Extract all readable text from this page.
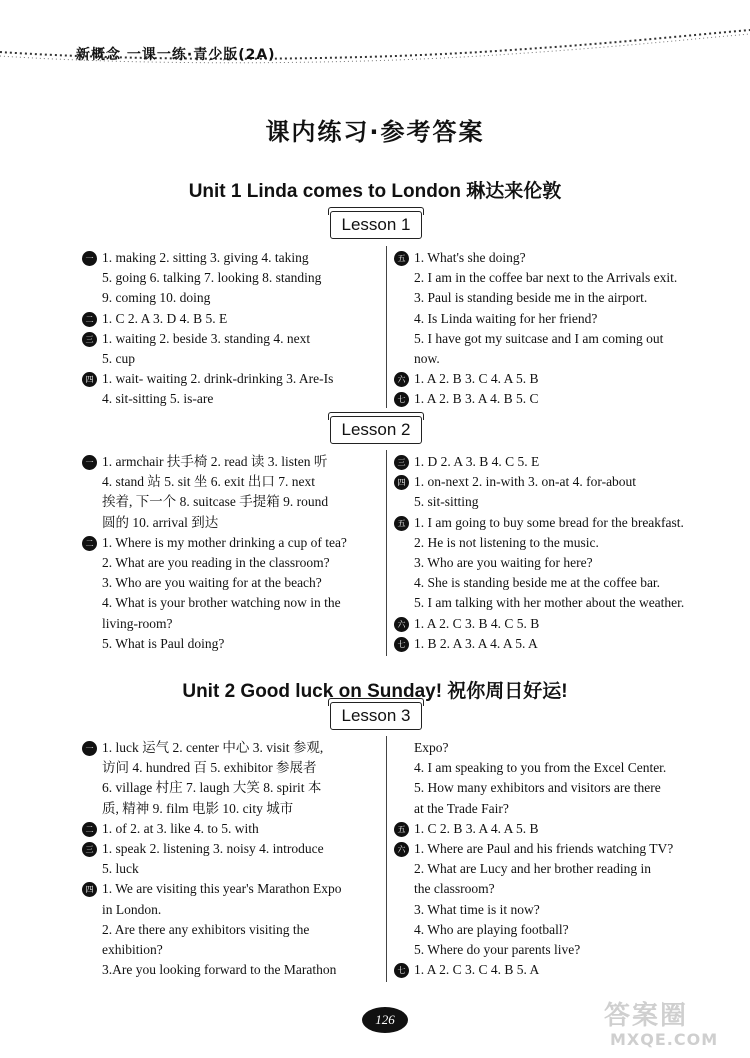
新概念 一课一练·青少版(2A)
课内练习·参考答案
Unit 1 Linda comes to London 琳达来伦敦
Lesson 1
一 1. making 2. sitting 3. giving 4. taking

5. going 6. talking 7. looking 8. standing

9. coming 10. doing

二 1. C 2. A 3. D 4. B 5. E

三 1. waiting 2. beside 3. standing 4. next

5. cup

四 1. wait- waiting 2. drink-drinking 3. Are-Is

4. sit-sitting 5. is-are

五 1. What's she doing?

2. I am in the coffee bar next to the Arrivals exit.

3. Paul is standing beside me in the airport.

4. Is Linda waiting for her friend?

5. I have got my suitcase and I am coming out

now.

六 1. A 2. B 3. C 4. A 5. B

七 1. A 2. B 3. A 4. B 5. C

Lesson 2
一 1. armchair 扶手椅 2. read 读 3. listen 听

4. stand 站 5. sit 坐 6. exit 出口 7. next

挨着, 下一个 8. suitcase 手提箱 9. round

圆的 10. arrival 到达

二 1. Where is my mother drinking a cup of tea?

2. What are you reading in the classroom?

3. Who are you waiting for at the beach?

4. What is your brother watching now in the

living-room?

5. What is Paul doing?

三 1. D 2. A 3. B 4. C 5. E

四 1. on-next 2. in-with 3. on-at 4. for-about

5. sit-sitting

五 1. I am going to buy some bread for the breakfast.

2. He is not listening to the music.

3. Who are you waiting for here?

4. She is standing beside me at the coffee bar.

5. I am talking with her mother about the weather.

六 1. A 2. C 3. B 4. C 5. B

七 1. B 2. A 3. A 4. A 5. A

Unit 2 Good luck on Sunday! 祝你周日好运!
Lesson 3
一 1. luck 运气 2. center 中心 3. visit 参观,

访问 4. hundred 百 5. exhibitor 参展者

6. village 村庄 7. laugh 大笑 8. spirit 本

质, 精神 9. film 电影 10. city 城市

二 1. of 2. at 3. like 4. to 5. with

三 1. speak 2. listening 3. noisy 4. introduce

5. luck

四 1. We are visiting this year's Marathon Expo

in London.

2. Are there any exhibitors visiting the

exhibition?

3.Are you looking forward to the Marathon

Expo?

4. I am speaking to you from the Excel Center.

5. How many exhibitors and visitors are there

at the Trade Fair?

五 1. C 2. B 3. A 4. A 5. B

六 1. Where are Paul and his friends watching TV?

2. What are Lucy and her brother reading in

the classroom?

3. What time is it now?

4. Who are playing football?

5. Where do your parents live?

七 1. A 2. C 3. C 4. B 5. A

126	答案圈
MXQE.COM
